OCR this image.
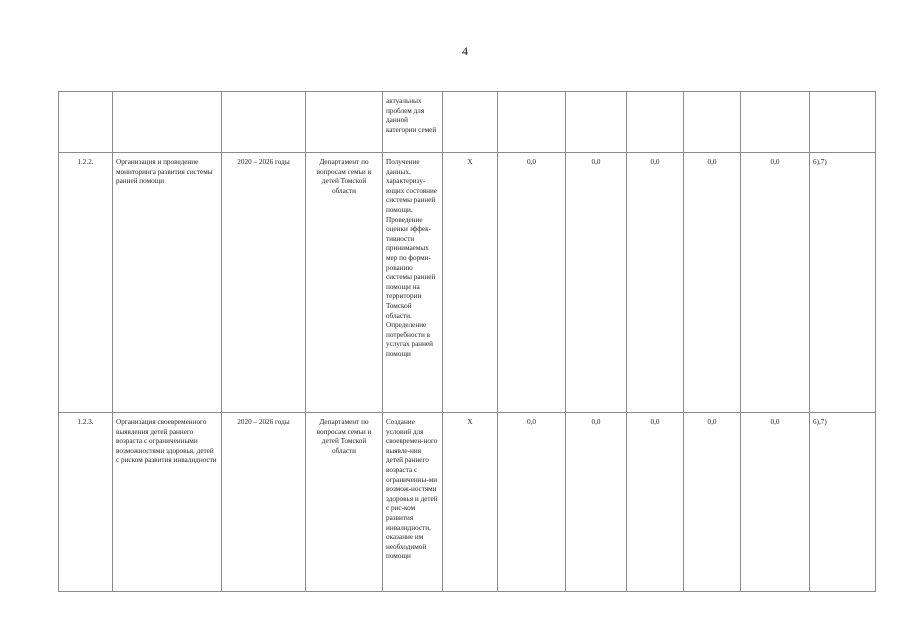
4
				актуальных проблем для данной категории семей							
1.2.2.	Организация и проведение мониторинга развития системы ранней помощи	2020 – 2026 годы	Департамент по вопросам семьи и детей Томской области	Получение данных, характеризу-ющих состояние системы ранней помощи. Проведение оценки эффек-тивности принимаемых мер по форми-рованию системы ранней помощи на территории Томской области. Определение потребности в услугах ранней помощи	Х	0,0	0,0	0,0	0,0	0,0	6),7)
1.2.3.	Организация своевременного выявления детей раннего возраста с ограниченными возможностями здоровья, детей с риском развития инвалидности	2020 – 2026 годы	Департамент по вопросам семьи и детей Томской области	Создание условий для своевремен-ного выявле-ния детей раннего возраста с ограниченны-ми возмож-ностями здоровья и детей с рис-ком развития инвалидности, оказание им необходимой помощи	Х	0,0	0,0	0,0	0,0	0,0	6),7)
